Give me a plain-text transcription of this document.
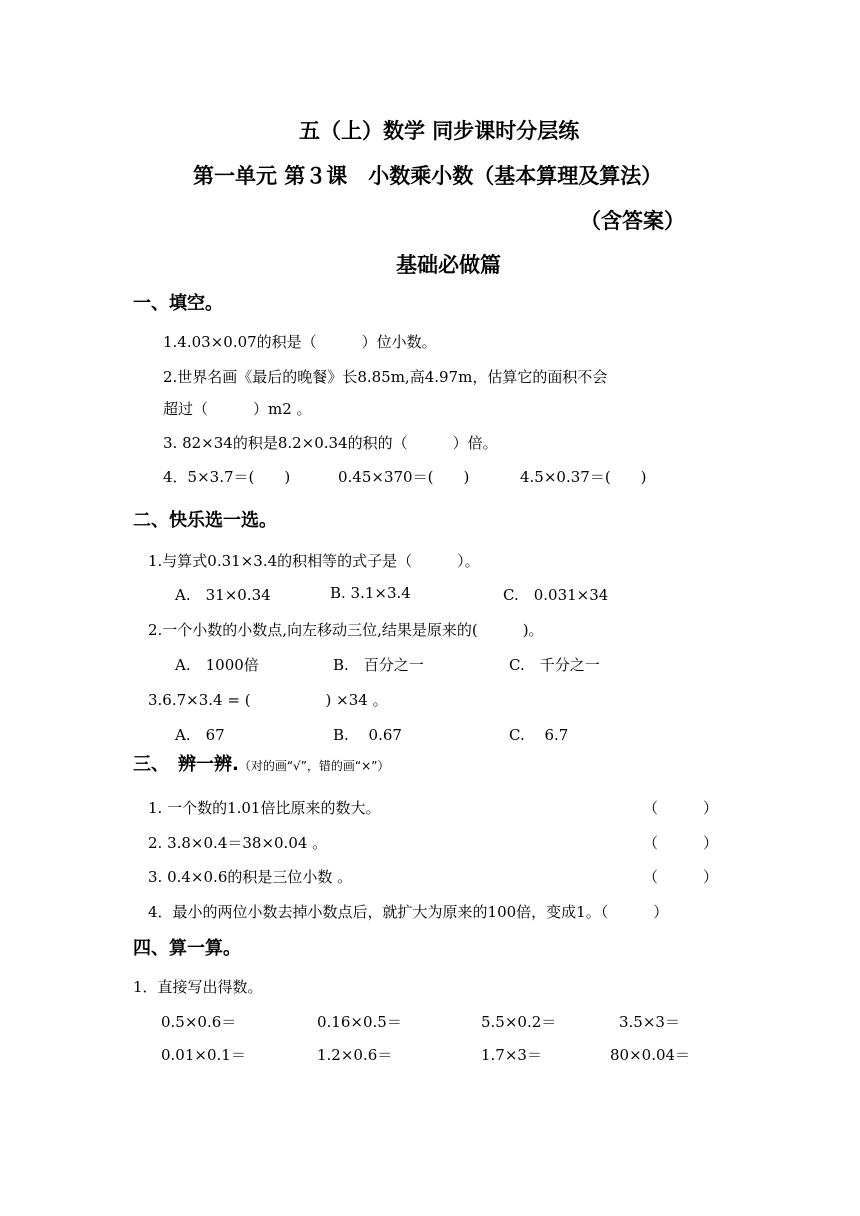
五（上）数学 同步课时分层练
第一单元 第３课　小数乘小数（基本算理及算法）
（含答案）
基础必做篇
一、填空。
1.4.03×0.07的积是（　　　）位小数。
2.世界名画《最后的晚餐》长8.85m,高4.97m，估算它的面积不会
超过（　　　）m2 。
3. 82×34的积是8.2×0.34的积的（　　　）倍。
4．5×3.7＝(　　)	0.45×370＝(　　)	4.5×0.37＝(　　)
二、快乐选一选。
1.与算式0.31×3.4的积相等的式子是（　　　）。
A.　31×0.34	B. 3.1×3.4	C.　0.031×34
2.一个小数的小数点,向左移动三位,结果是原来的(　　　)。
A.　1000倍	B.　百分之一	C.　千分之一
3.6.7×3.4 = (　　　　　) ×34 。
A.　67	B.　 0.67	C.　 6.7
三、　辨一辨.（对的画“√”，错的画“×”）
1. 一个数的1.01倍比原来的数大。	（　　　）
2. 3.8×0.4＝38×0.04 。	（　　　）
3. 0.4×0.6的积是三位小数 。	（　　　）
4．最小的两位小数去掉小数点后，就扩大为原来的100倍，变成1。（　　　）
四、算一算。
1．直接写出得数。
0.5×0.6＝	0.16×0.5＝	5.5×0.2＝	3.5×3＝
0.01×0.1＝	1.2×0.6＝	1.7×3＝	80×0.04＝
